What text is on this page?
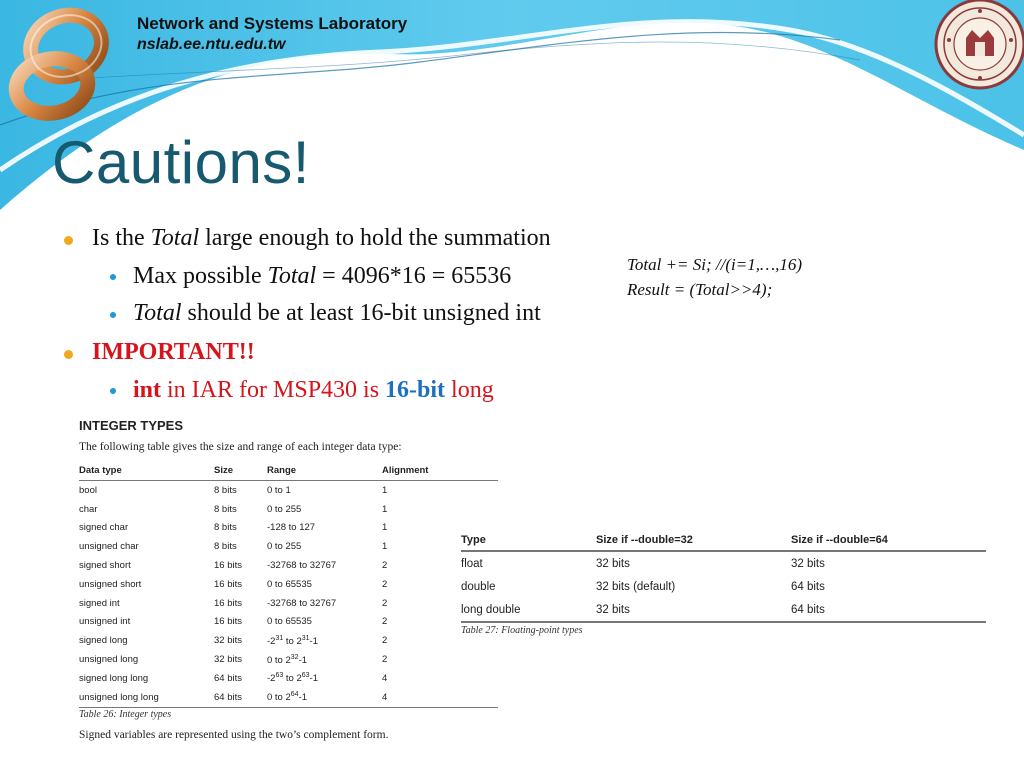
Network and Systems Laboratory
nslab.ee.ntu.edu.tw
Cautions!
Is the Total large enough to hold the summation
Max possible Total = 4096*16 = 65536
Total should be at least 16-bit unsigned int
IMPORTANT!!
int in IAR for MSP430 is 16-bit long
Total += Si; //(i=1,…,16)
Result = (Total>>4);
INTEGER TYPES
The following table gives the size and range of each integer data type:
Data type	Size	Range	Alignment
bool	8 bits	0 to 1	1
char	8 bits	0 to 255	1
signed char	8 bits	-128 to 127	1
unsigned char	8 bits	0 to 255	1
signed short	16 bits	-32768 to 32767	2
unsigned short	16 bits	0 to 65535	2
signed int	16 bits	-32768 to 32767	2
unsigned int	16 bits	0 to 65535	2
signed long	32 bits	$-2^{31}$ to $2^{31}-1$	2
unsigned long	32 bits	0 to $2^{32}-1$	2
signed long long	64 bits	$-2^{63}$ to $2^{63}-1$	4
unsigned long long	64 bits	0 to $2^{64}-1$	4
Table 26: Integer types
Signed variables are represented using the two’s complement form.
Type	Size if --double=32	Size if --double=64
float	32 bits	32 bits
double	32 bits (default)	64 bits
long double	32 bits	64 bits
Table 27: Floating-point types
